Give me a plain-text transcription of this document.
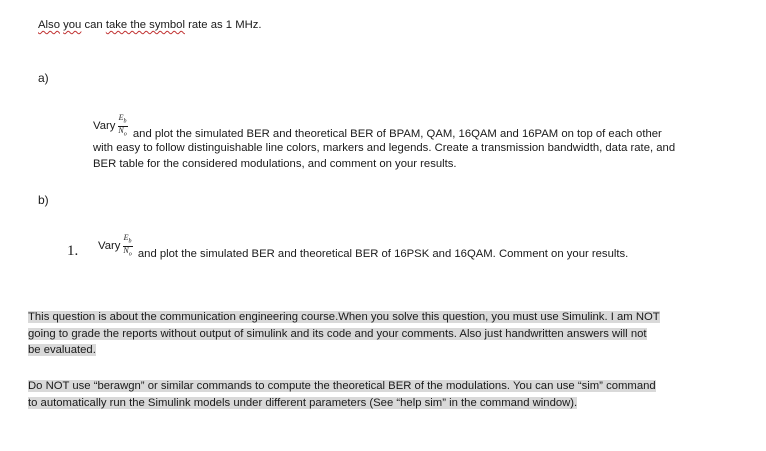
Also you can take the symbol rate as 1 MHz.
a)
Vary $\frac{E_b}{N_o}$ and plot the simulated BER and theoretical BER of BPAM, QAM, 16QAM and 16PAM on top of each other
with easy to follow distinguishable line colors, markers and legends. Create a transmission bandwidth, data rate, and
BER table for the considered modulations, and comment on your results.
b)
1. Vary $\frac{E_b}{N_o}$ and plot the simulated BER and theoretical BER of 16PSK and 16QAM. Comment on your results.
This question is about the communication engineering course.When you solve this question, you must use Simulink. I am NOT
going to grade the reports without output of simulink and its code and your comments. Also just handwritten answers will not
be evaluated.
Do NOT use “berawgn” or similar commands to compute the theoretical BER of the modulations. You can use “sim” command
to automatically run the Simulink models under different parameters (See “help sim” in the command window).
